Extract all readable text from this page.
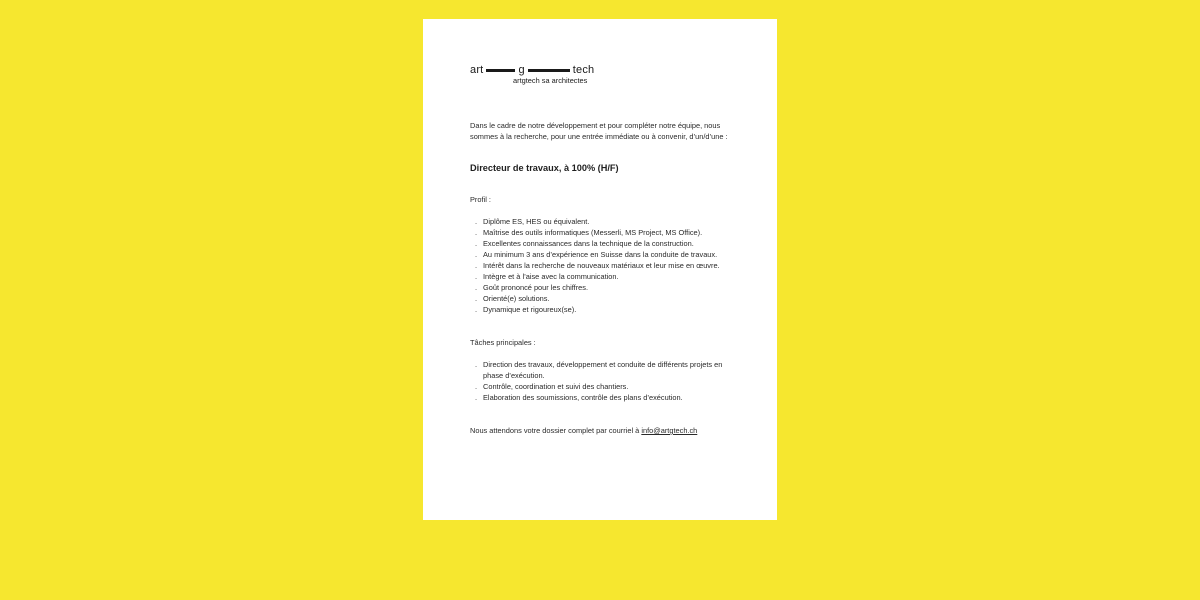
art	g	tech
artgtech sa architectes
Dans le cadre de notre développement et pour compléter notre équipe, nous sommes à la recherche, pour une entrée immédiate ou à convenir, d’un/d’une :
Directeur de travaux, à 100% (H/F)
Profil :
. Diplôme ES, HES ou équivalent.
. Maîtrise des outils informatiques (Messerli, MS Project, MS Office).
. Excellentes connaissances dans la technique de la construction.
. Au minimum 3 ans d’expérience en Suisse dans la conduite de travaux.
. Intérêt dans la recherche de nouveaux matériaux et leur mise en œuvre.
. Intègre et à l’aise avec la communication.
. Goût prononcé pour les chiffres.
. Orienté(e) solutions.
. Dynamique et rigoureux(se).
Tâches principales :
. Direction des travaux, développement et conduite de différents projets en phase d’exécution.
. Contrôle, coordination et suivi des chantiers.
. Elaboration des soumissions, contrôle des plans d’exécution.
Nous attendons votre dossier complet par courriel à info@artgtech.ch
